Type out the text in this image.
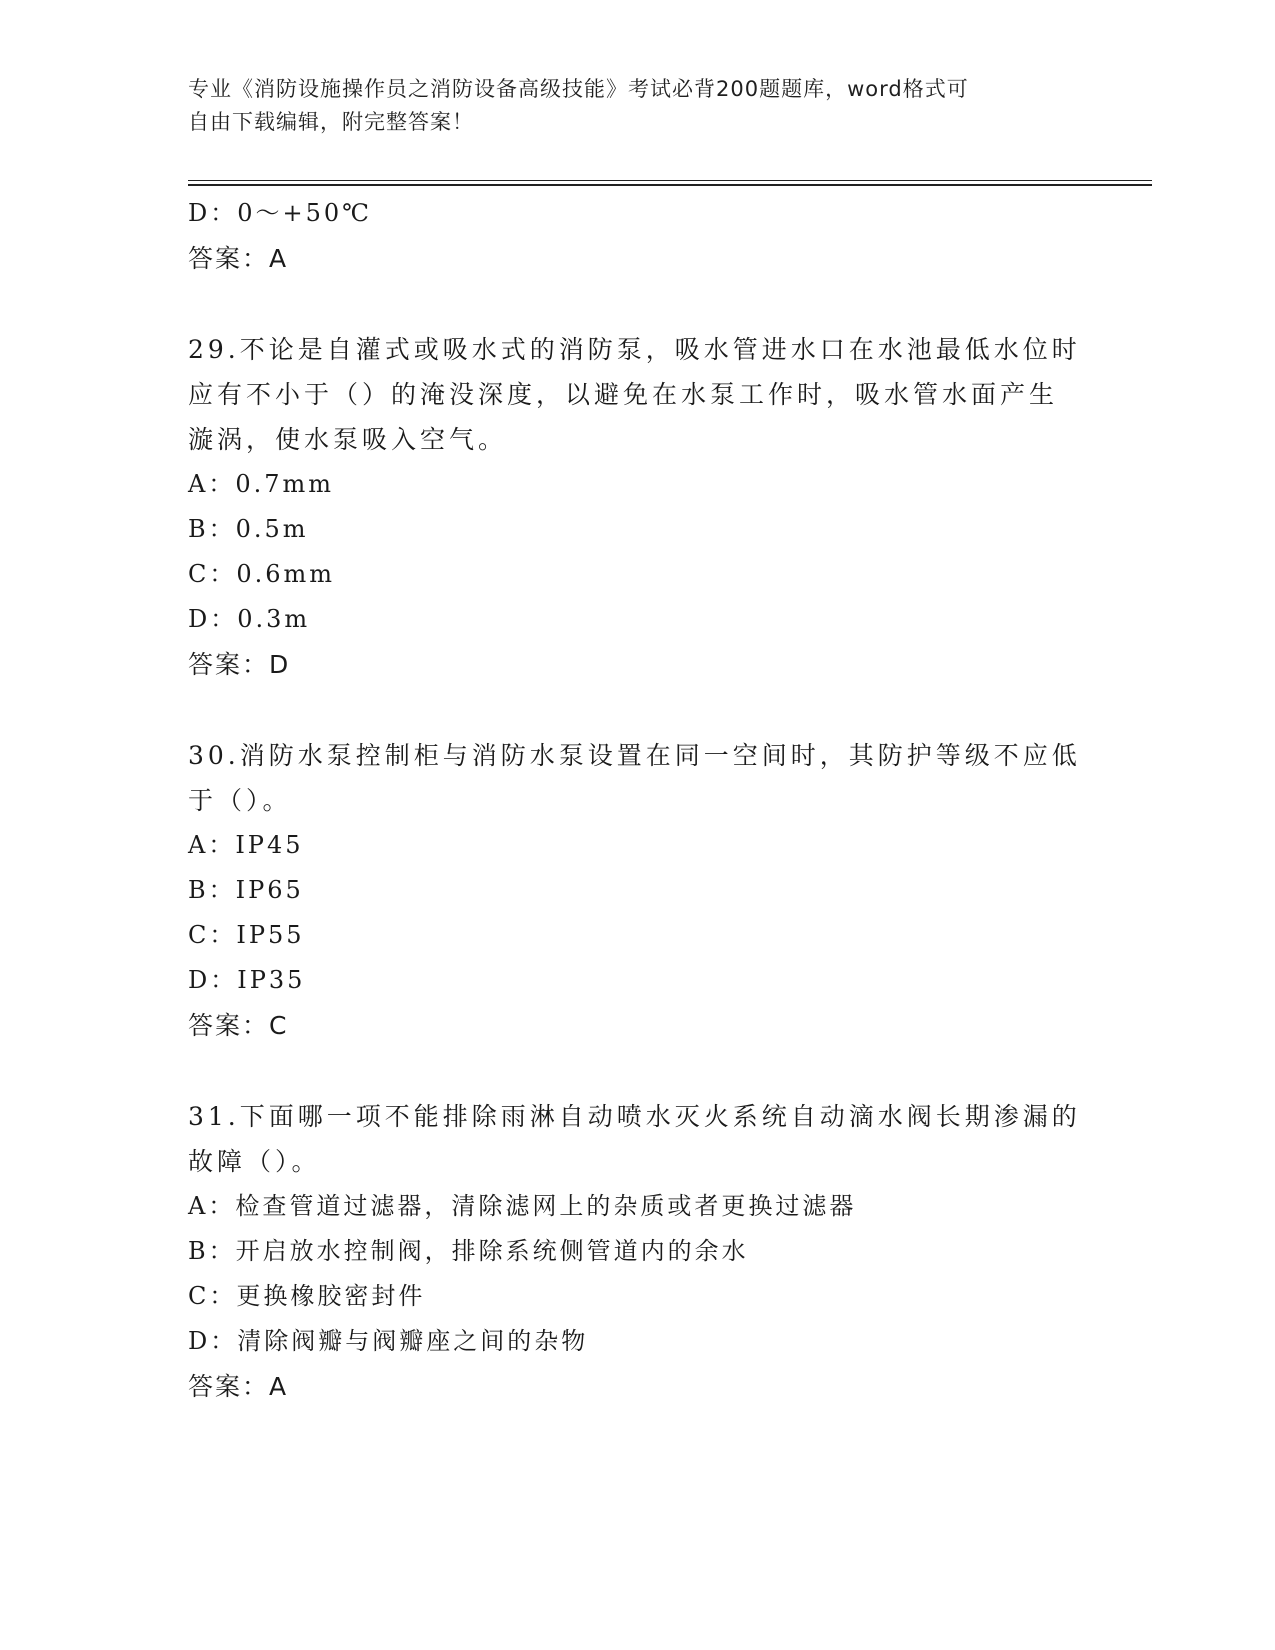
专业《消防设施操作员之消防设备高级技能》考试必背200题题库，word格式可
自由下载编辑，附完整答案！
D：0～+50℃
答案：A
29.不论是自灌式或吸水式的消防泵，吸水管进水口在水池最低水位时
应有不小于（）的淹没深度，以避免在水泵工作时，吸水管水面产生
漩涡，使水泵吸入空气。
A：0.7mm
B：0.5m
C：0.6mm
D：0.3m
答案：D
30.消防水泵控制柜与消防水泵设置在同一空间时，其防护等级不应低
于（）。
A：IP45
B：IP65
C：IP55
D：IP35
答案：C
31.下面哪一项不能排除雨淋自动喷水灭火系统自动滴水阀长期渗漏的
故障（）。
A：检查管道过滤器，清除滤网上的杂质或者更换过滤器
B：开启放水控制阀，排除系统侧管道内的余水
C：更换橡胶密封件
D：清除阀瓣与阀瓣座之间的杂物
答案：A
